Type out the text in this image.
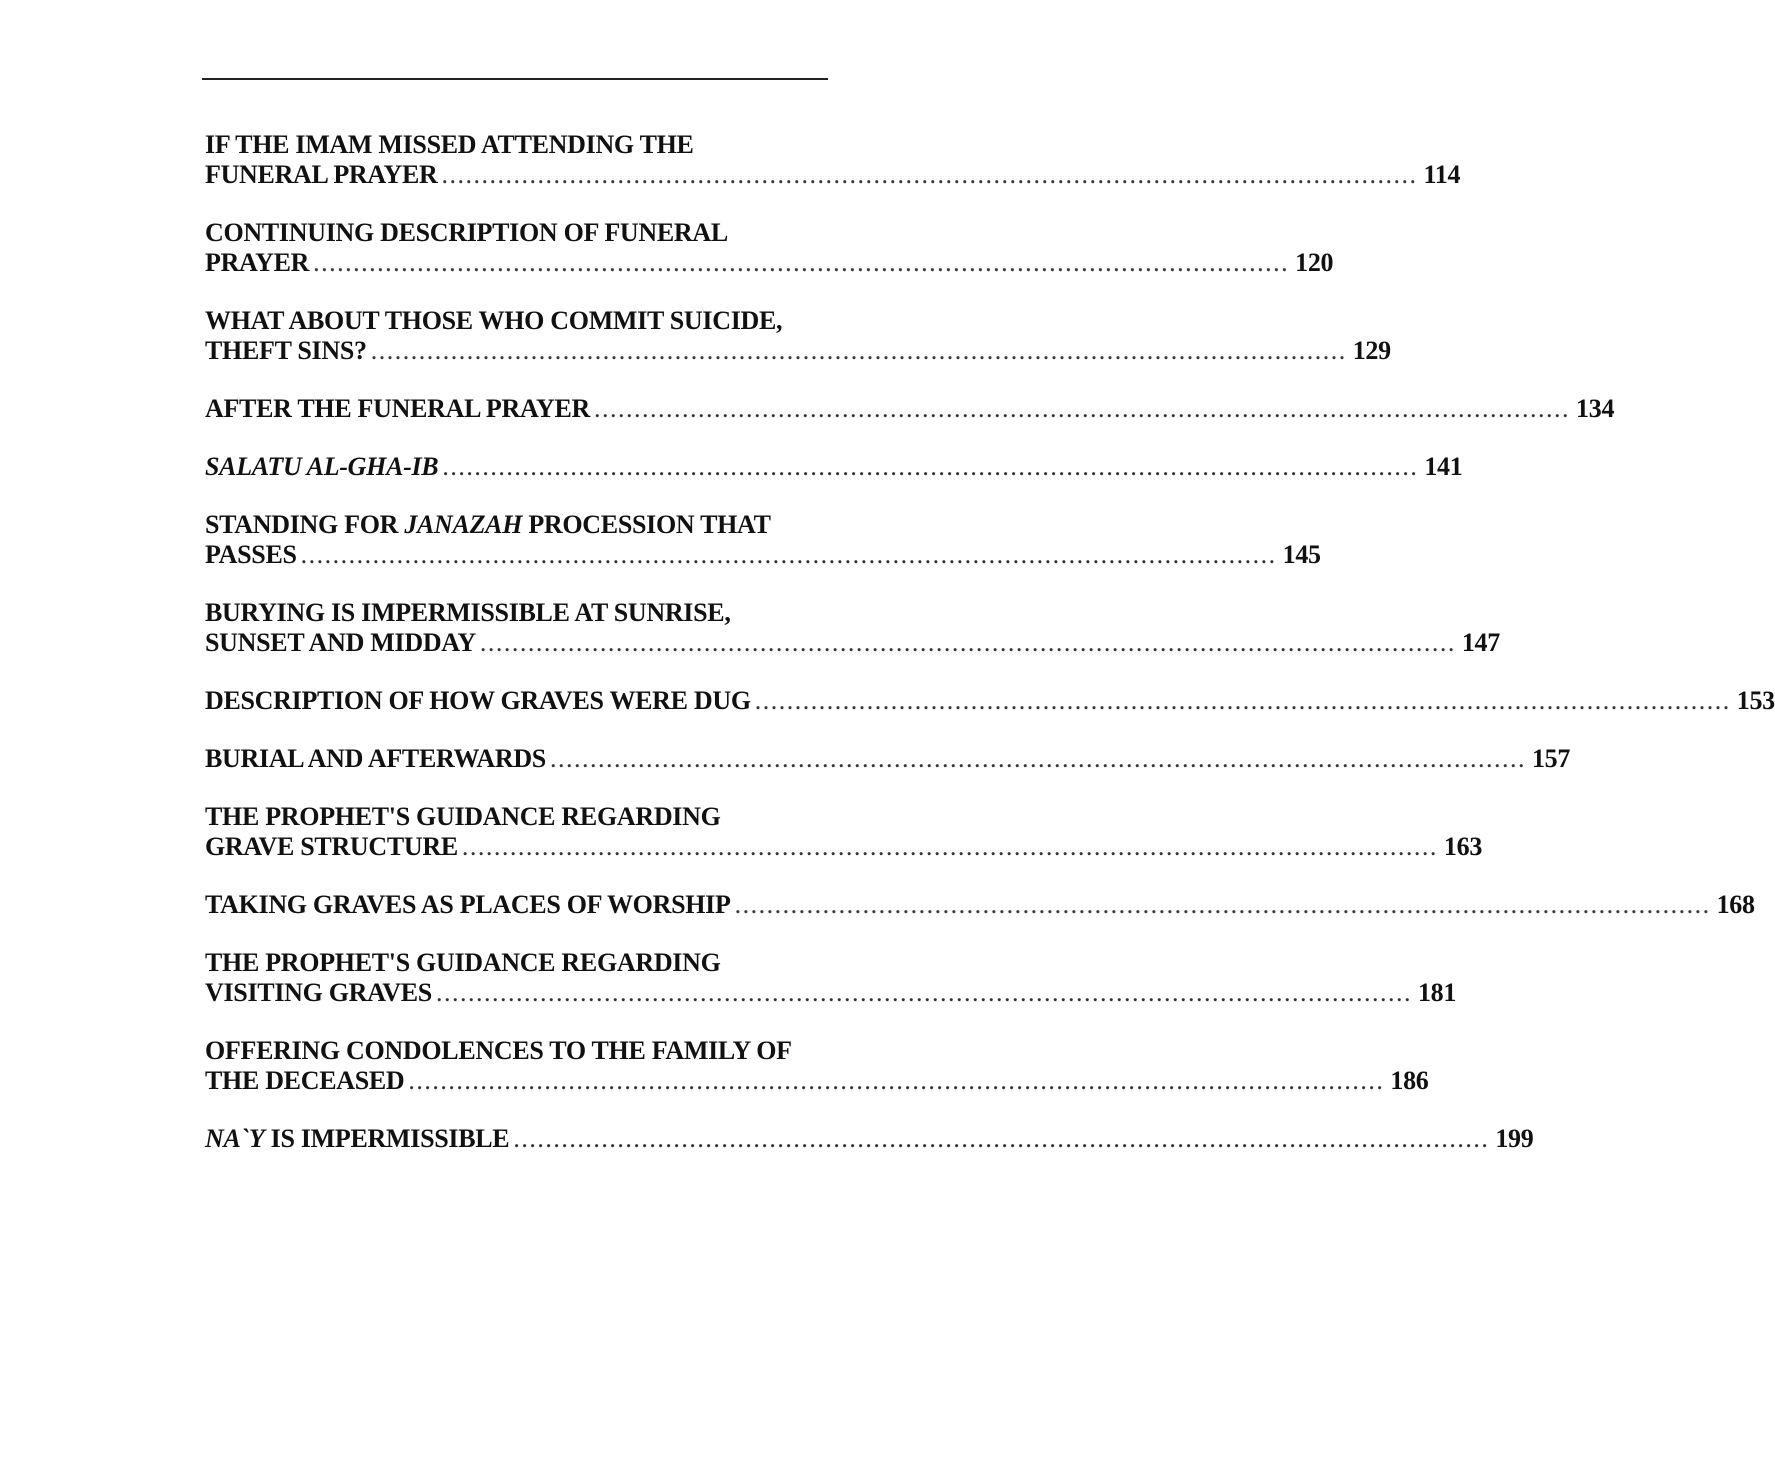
IF THE IMAM MISSED ATTENDING THE
FUNERAL PRAYER .......................................................................................................................... 114
CONTINUING DESCRIPTION OF FUNERAL
PRAYER .......................................................................................................................... 120
WHAT ABOUT THOSE WHO COMMIT SUICIDE,
THEFT SINS? .......................................................................................................................... 129
AFTER THE FUNERAL PRAYER .......................................................................................................................... 134
SALATU AL-GHA-IB .......................................................................................................................... 141
STANDING FOR JANAZAH PROCESSION THAT
PASSES .......................................................................................................................... 145
BURYING IS IMPERMISSIBLE AT SUNRISE,
SUNSET AND MIDDAY .......................................................................................................................... 147
DESCRIPTION OF HOW GRAVES WERE DUG .......................................................................................................................... 153
BURIAL AND AFTERWARDS .......................................................................................................................... 157
THE PROPHET'S GUIDANCE REGARDING
GRAVE STRUCTURE .......................................................................................................................... 163
TAKING GRAVES AS PLACES OF WORSHIP .......................................................................................................................... 168
THE PROPHET'S GUIDANCE REGARDING
VISITING GRAVES .......................................................................................................................... 181
OFFERING CONDOLENCES TO THE FAMILY OF
THE DECEASED .......................................................................................................................... 186
NA`Y IS IMPERMISSIBLE .......................................................................................................................... 199
